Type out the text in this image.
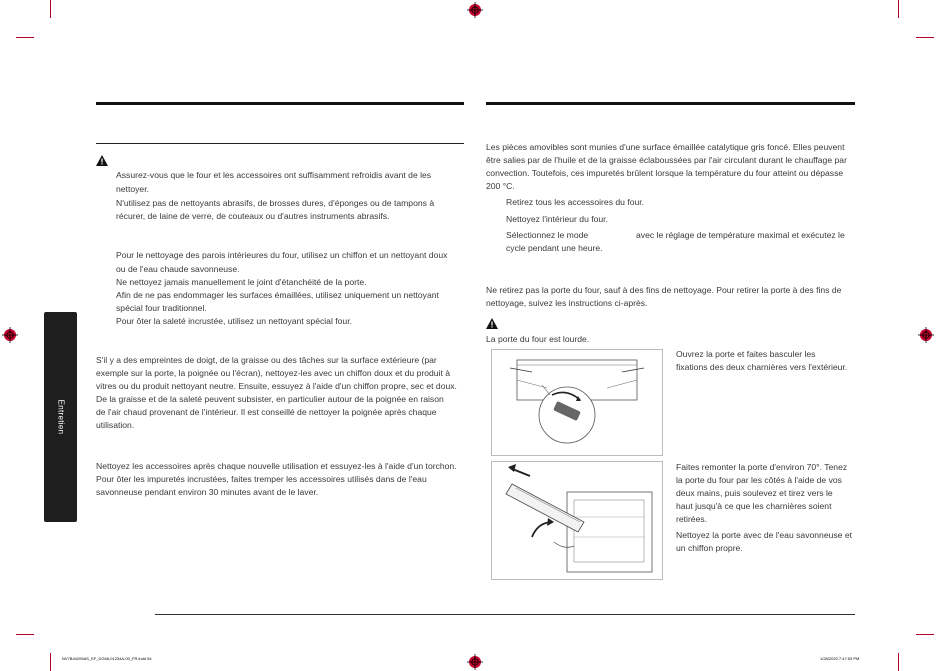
Entretien

Assurez-vous que le four et les accessoires ont suffisamment refroidis avant de les

nettoyer.

N'utilisez pas de nettoyants abrasifs, de brosses dures, d'éponges ou de tampons à

récurer, de laine de verre, de couteaux ou d'autres instruments abrasifs.

Pour le nettoyage des parois intérieures du four, utilisez un chiffon et un nettoyant doux

ou de l'eau chaude savonneuse.

Ne nettoyez jamais manuellement le joint d'étanchéité de la porte.

Afin de ne pas endommager les surfaces émaillées, utilisez uniquement un nettoyant

spécial four traditionnel.

Pour ôter la saleté incrustée, utilisez un nettoyant spécial four.

S'il y a des empreintes de doigt, de la graisse ou des tâches sur la surface extérieure (par

exemple sur la porte, la poignée ou l'écran), nettoyez-les avec un chiffon doux et du produit à

vitres ou du produit nettoyant neutre. Ensuite, essuyez à l'aide d'un chiffon propre, sec et doux.

De la graisse et de la saleté peuvent subsister, en particulier autour de la poignée en raison

de l'air chaud provenant de l'intérieur. Il est conseillé de nettoyer la poignée après chaque

utilisation.

Nettoyez les accessoires après chaque nouvelle utilisation et essuyez-les à l'aide d'un torchon.

Pour ôter les impuretés incrustées, faites tremper les accessoires utilisés dans de l'eau

savonneuse pendant environ 30 minutes avant de le laver.

Les pièces amovibles sont munies d'une surface émaillée catalytique gris foncé. Elles peuvent

être salies par de l'huile et de la graisse éclaboussées par l'air circulant durant le chauffage par

convection. Toutefois, ces impuretés brûlent lorsque la température du four atteint ou dépasse

200 °C.

Retirez tous les accessoires du four.

Nettoyez l'intérieur du four.

Sélectionnez le mode	avec le réglage de température maximal et exécutez le

cycle pendant une heure.

Ne retirez pas la porte du four, sauf à des fins de nettoyage. Pour retirer la porte à des fins de

nettoyage, suivez les instructions ci-après.

La porte du four est lourde.

Ouvrez la porte et faites basculer les

fixations des deux charnières vers l'extérieur.

Faites remonter la porte d'environ 70°. Tenez

la porte du four par les côtés à l'aide de vos

deux mains, puis soulevez et tirez vers le

haut jusqu'à ce que les charnières soient

retirées.

Nettoyez la porte avec de l'eau savonneuse et

un chiffon propre.

NV7B44205AS_EF_DG68-01234A-00_FR.indd 54	1/28/2020 7:47:53 PM
